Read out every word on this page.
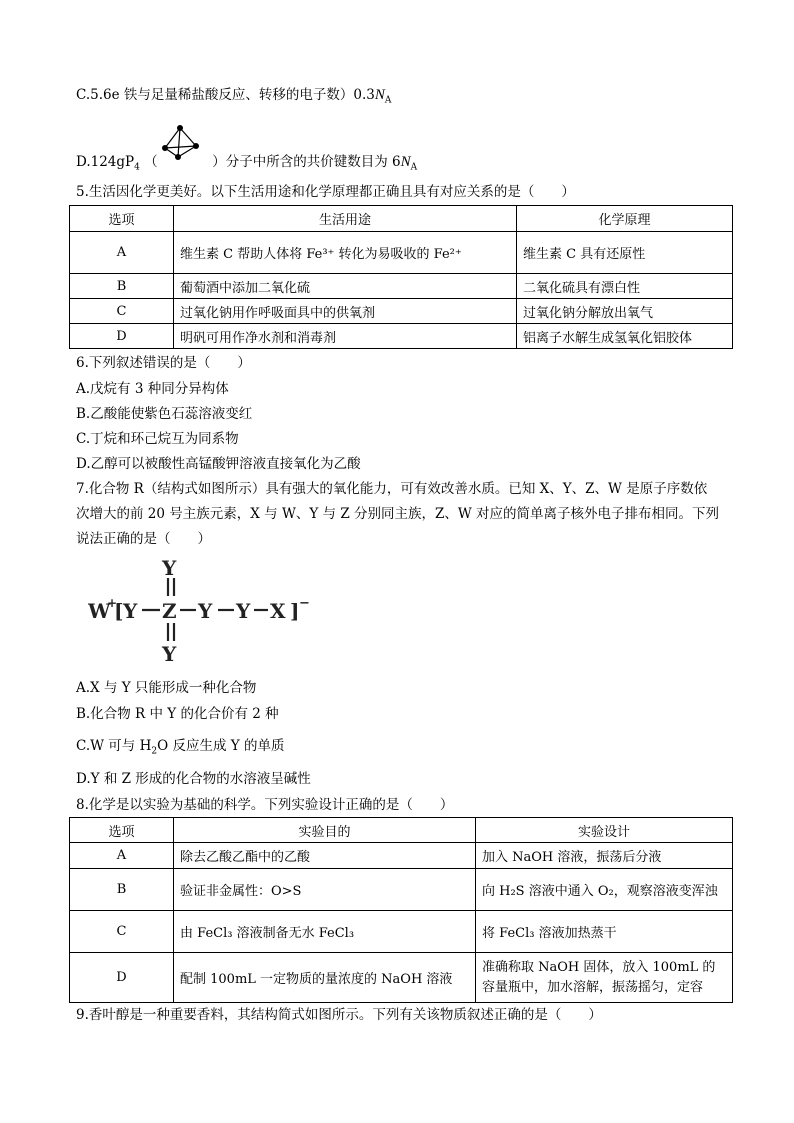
C.5.6e 铁与足量稀盐酸反应、转移的电子数）$0.3N_A$
$D.124gP_4$ （	）分子中所含的共价键数目为 $6N_A$
5.生活因化学更美好。以下生活用途和化学原理都正确且具有对应关系的是（　　）
选项	生活用途	化学原理
A	维生素 C 帮助人体将 Fe³⁺ 转化为易吸收的 Fe²⁺	维生素 C 具有还原性
B	葡萄酒中添加二氧化硫	二氧化硫具有漂白性
C	过氧化钠用作呼吸面具中的供氧剂	过氧化钠分解放出氧气
D	明矾可用作净水剂和消毒剂	铝离子水解生成氢氧化铝胶体
6.下列叙述错误的是（　　）
A.戊烷有 3 种同分异构体
B.乙酸能使紫色石蕊溶液变红
C.丁烷和环己烷互为同系物
D.乙醇可以被酸性高锰酸钾溶液直接氧化为乙酸
7.化合物 R（结构式如图所示）具有强大的氧化能力，可有效改善水质。已知 X、Y、Z、W 是原子序数依
次增大的前 20 号主族元素，X 与 W、Y 与 Z 分别同主族，Z、W 对应的简单离子核外电子排布相同。下列
说法正确的是（　　）
W
+
[ Y Z
Y
Y
Y Y X ] −
A.X 与 Y 只能形成一种化合物
B.化合物 R 中 Y 的化合价有 2 种
C.W 可与 $H_2O$ 反应生成 Y 的单质
D.Y 和 Z 形成的化合物的水溶液呈碱性
8.化学是以实验为基础的科学。下列实验设计正确的是（　　）
选项	实验目的	实验设计
A	除去乙酸乙酯中的乙酸	加入 NaOH 溶液，振荡后分液
B	验证非金属性：O>S	向 H₂S 溶液中通入 O₂，观察溶液变浑浊
C	由 FeCl₃ 溶液制备无水 FeCl₃	将 FeCl₃ 溶液加热蒸干
D	配制 100mL 一定物质的量浓度的 NaOH 溶液	准确称取 NaOH 固体，放入 100mL 的容量瓶中，加水溶解，振荡摇匀，定容
9.香叶醇是一种重要香料，其结构简式如图所示。下列有关该物质叙述正确的是（　　）
